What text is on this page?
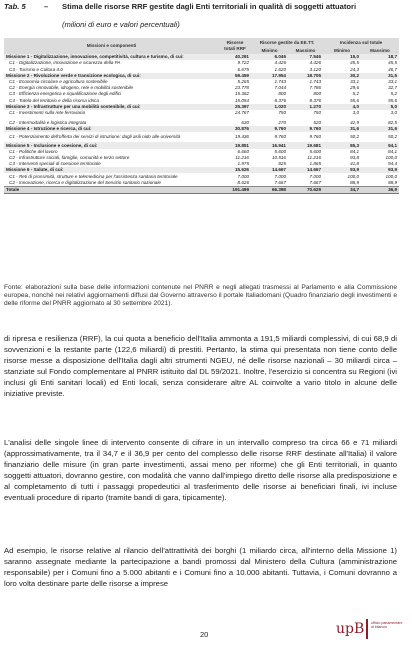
Tab. 5 – Stima delle risorse RRF gestite dagli Enti territoriali in qualità di soggetti attuatori
(milioni di euro e valori percentuali)
Missioni e componenti	Risorse totali RRF	Risorse gestite da EE.TT.		Incidenza sul totale	
		Minimo	Massimo	Minimo	Massimo
Missione 1 - Digitalizzazione, innovazione, competitività, cultura e turismo, di cui:	40.291	6.046	7.546	15,0	18,7
C1 - Digitalizzazione, innovazione e sicurezza della PA	9.722	4.426	4.426	45,5	45,5
C3 - Turismo e Cultura 4.0	6.675	1.620	3.120	24,3	46,7
Missione 2 - Rivoluzione verde e transizione ecologica, di cui:	59.459	17.954	18.705	30,2	31,5
C1 - Economia circolare e agricoltura sostenibile	5.265	1.743	1.743	33,1	33,1
C2 - Energia rinnovabile, idrogeno, rete e mobilità sostenibile	23.778	7.044	7.786	29,6	32,7
C3 - Efficienza energetica e riqualificazione degli edifici	15.362	800	800	5,2	5,2
C4 - Tutela del territorio e della risorsa idrica	15.054	8.376	8.376	55,6	55,6
Missione 3 - Infrastrutture per una mobilità sostenibile, di cui:	25.397	1.020	1.270	4,0	5,0
C1 - Investimenti sulla rete ferroviaria	24.767	750	750	3,0	3,0

C2 - Intermodalità e logistica integrata	630	270	520	42,9	82,5
Missione 4 - Istruzione e ricerca, di cui:	30.876	9.760	9.760	31,6	31,6
C1 - Potenziamento dell'offerta dei servizi di istruzione: dagli asili nido alle università	19.436	9.760	9.760	50,2	50,2
Missione 5 - Inclusione e coesione, di cui:	19.851	16.941	19.681	85,3	94,1
C1 - Politiche del lavoro	6.660	5.600	5.600	84,1	84,1
C2 - Infrastrutture sociali, famiglie, comunità e terzo settore	11.216	10.516	11.216	93,8	100,0
C3 - Interventi speciali di coesione territoriale	1.975	825	1.865	41,8	94,4
Missione 6 - Salute, di cui:	15.626	14.667	14.667	93,9	93,9
C1 - Reti di prossimità, strutture e telemedicina per l'assistenza sanitaria territoriale	7.000	7.000	7.000	100,0	100,0
C2 - Innovazione, ricerca e digitalizzazione del Servizio sanitario nazionale	8.626	7.667	7.667	88,9	88,9
Totale	191.499	66.398	70.629	34,7	36,9
Fonte: elaborazioni sulla base delle informazioni contenute nel PNRR e negli allegati trasmessi al Parlamento e alla Commissione europea, nonché nei relativi aggiornamenti diffusi dal Governo attraverso il portale Italiadomani (Quadro finanziario degli investimenti e delle riforme del PNRR aggiornato al 30 settembre 2021).
di ripresa e resilienza (RRF), la cui quota a beneficio dell'Italia ammonta a 191,5 miliardi complessivi, di cui 68,9 di sovvenzioni e la restante parte (122,6 miliardi) di prestiti. Pertanto, la stima qui presentata non tiene conto delle risorse messe a disposizione dell'Italia dagli altri strumenti NGEU, né delle risorse nazionali – 30 miliardi circa – stanziate sul Fondo complementare al PNRR istituito dal DL 59/2021. Inoltre, l'esercizio si concentra su Regioni (ivi inclusi gli Enti sanitari locali) ed Enti locali, senza considerare altre AL coinvolte a vario titolo in alcune delle iniziative previste.
L'analisi delle singole linee di intervento consente di cifrare in un intervallo compreso tra circa 66 e 71 miliardi (approssimativamente, tra il 34,7 e il 36,9 per cento del complesso delle risorse RRF destinate all'Italia) il valore finanziario delle misure (in gran parte investimenti, assai meno per riforme) che gli Enti territoriali, in quanto soggetti attuatori, dovranno gestire, con modalità che vanno dall'impiego diretto delle risorse alla predisposizione e al completamento di tutti i passaggi propedeutici al trasferimento delle risorse ai beneficiari finali, ivi incluse eventuali procedure di riparto (tramite bandi di gara, tipicamente).
Ad esempio, le risorse relative al rilancio dell'attrattività dei borghi (1 miliardo circa, all'interno della Missione 1) saranno assegnate mediante la partecipazione a bandi promossi dal Ministero della Cultura (amministrazione responsabile) per i Comuni fino a 5.000 abitanti e i Comuni fino a 10.000 abitanti. Tuttavia, i Comuni dovranno a loro volta destinare parte delle risorse a imprese
20	upB ufficio parlamentare di bilancio
